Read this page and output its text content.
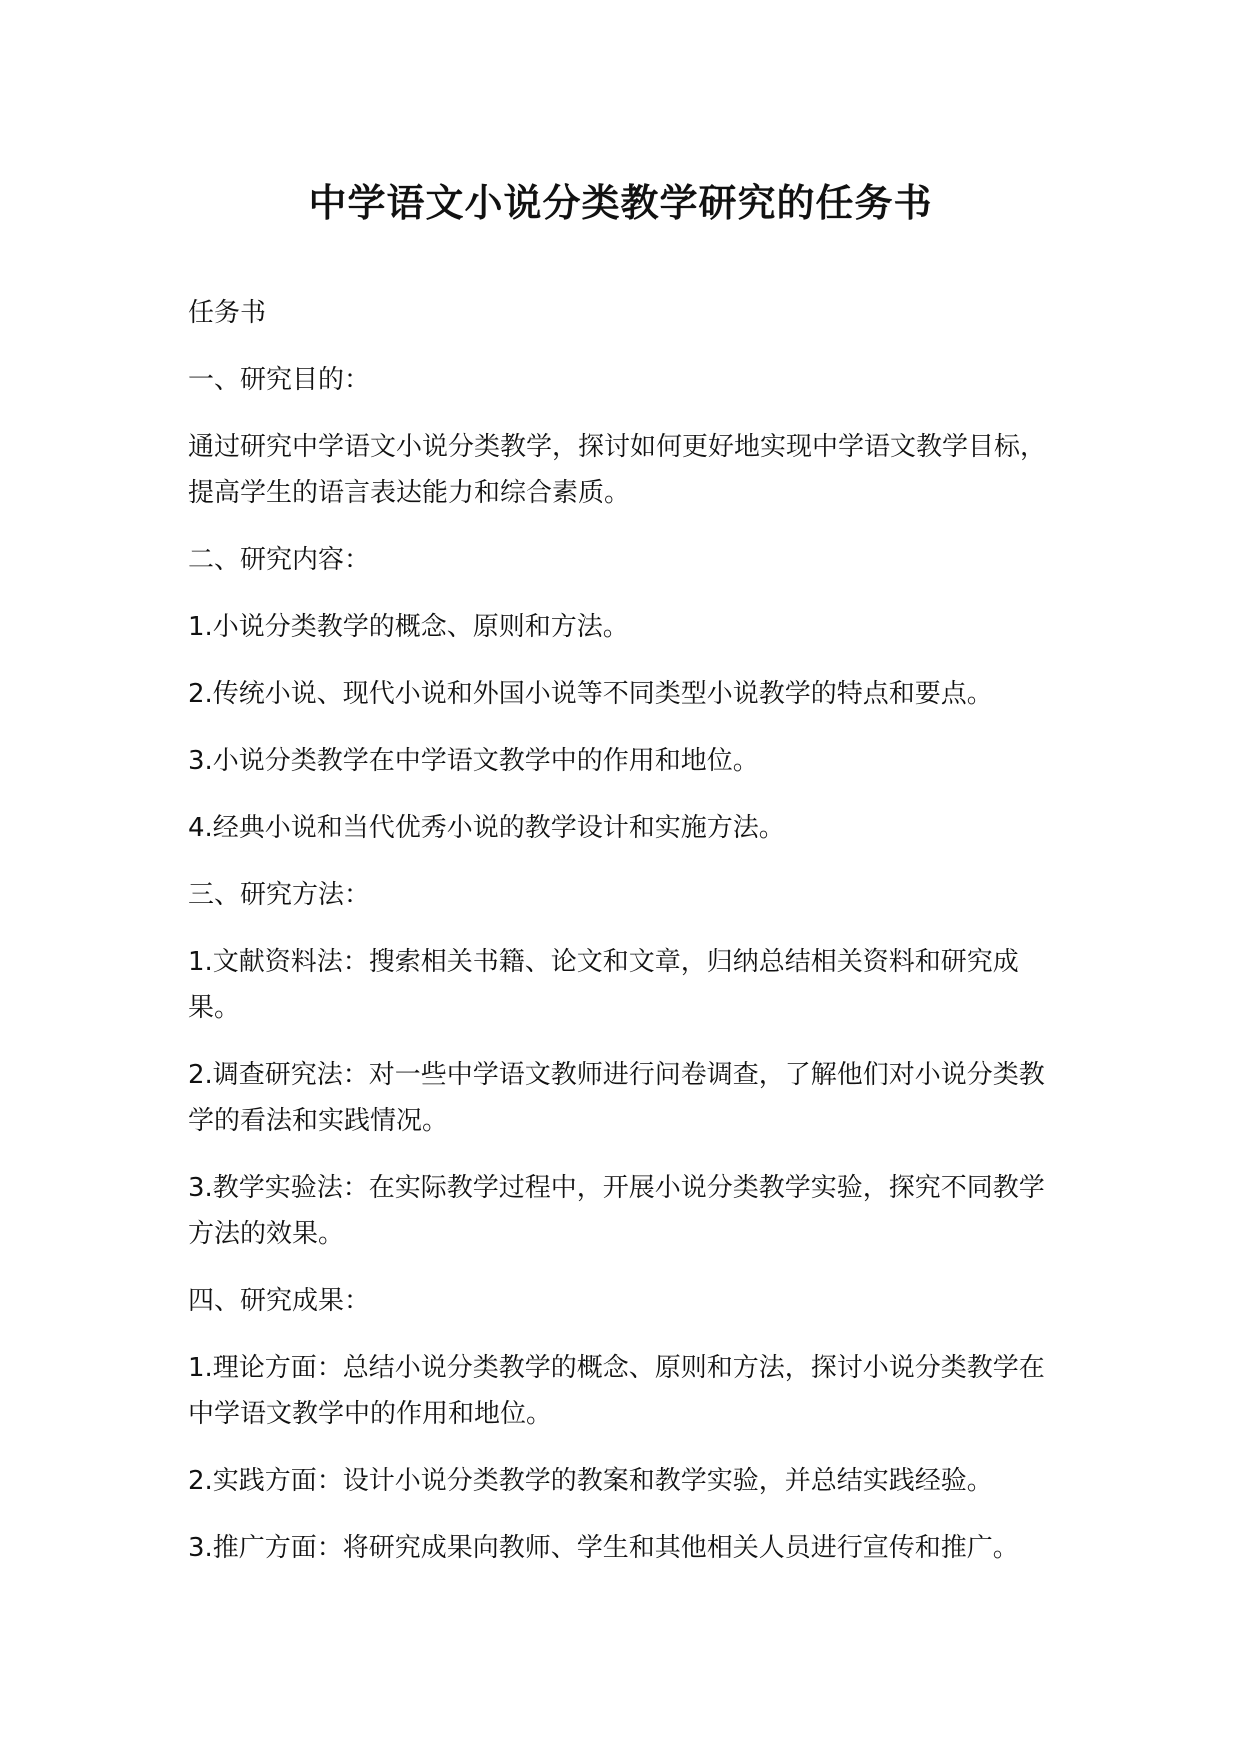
中学语文小说分类教学研究的任务书

任务书

一、研究目的：

通过研究中学语文小说分类教学，探讨如何更好地实现中学语文教学目标，提高学生的语言表达能力和综合素质。

二、研究内容：

1.小说分类教学的概念、原则和方法。

2.传统小说、现代小说和外国小说等不同类型小说教学的特点和要点。

3.小说分类教学在中学语文教学中的作用和地位。

4.经典小说和当代优秀小说的教学设计和实施方法。

三、研究方法：

1.文献资料法：搜索相关书籍、论文和文章，归纳总结相关资料和研究成果。

2.调查研究法：对一些中学语文教师进行问卷调查，了解他们对小说分类教学的看法和实践情况。

3.教学实验法：在实际教学过程中，开展小说分类教学实验，探究不同教学方法的效果。

四、研究成果：

1.理论方面：总结小说分类教学的概念、原则和方法，探讨小说分类教学在中学语文教学中的作用和地位。

2.实践方面：设计小说分类教学的教案和教学实验，并总结实践经验。

3.推广方面：将研究成果向教师、学生和其他相关人员进行宣传和推广。
